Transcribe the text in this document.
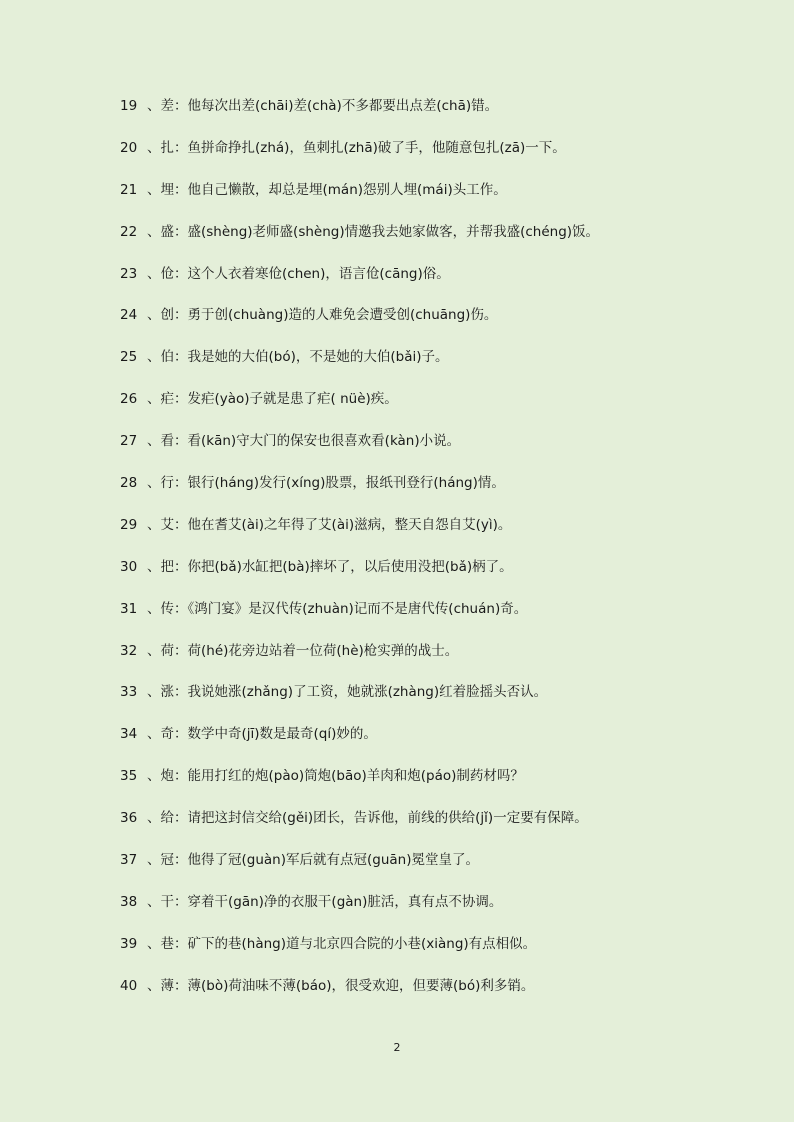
19 、差：他每次出差(chāi)差(chà)不多都要出点差(chā)错。
20 、扎：鱼拼命挣扎(zhá)，鱼刺扎(zhā)破了手，他随意包扎(zā)一下。
21 、埋：他自己懒散，却总是埋(mán)怨别人埋(mái)头工作。
22 、盛：盛(shèng)老师盛(shèng)情邀我去她家做客，并帮我盛(chéng)饭。
23 、伧：这个人衣着寒伧(chen)，语言伧(cāng)俗。
24 、创：勇于创(chuàng)造的人难免会遭受创(chuāng)伤。
25 、伯：我是她的大伯(bó)，不是她的大伯(bǎi)子。
26 、疟：发疟(yào)子就是患了疟( nüè)疾。
27 、看：看(kān)守大门的保安也很喜欢看(kàn)小说。
28 、行：银行(háng)发行(xíng)股票，报纸刊登行(háng)情。
29 、艾：他在耆艾(ài)之年得了艾(ài)滋病，整天自怨自艾(yì)。
30 、把：你把(bǎ)水缸把(bà)摔坏了，以后使用没把(bǎ)柄了。
31 、传：《鸿门宴》是汉代传(zhuàn)记而不是唐代传(chuán)奇。
32 、荷：荷(hé)花旁边站着一位荷(hè)枪实弹的战士。
33 、涨：我说她涨(zhǎng)了工资，她就涨(zhàng)红着脸摇头否认。
34 、奇：数学中奇(jī)数是最奇(qí)妙的。
35 、炮：能用打红的炮(pào)筒炮(bāo)羊肉和炮(páo)制药材吗？
36 、给：请把这封信交给(gěi)团长，告诉他，前线的供给(jǐ)一定要有保障。
37 、冠：他得了冠(guàn)军后就有点冠(guān)冕堂皇了。
38 、干：穿着干(gān)净的衣服干(gàn)脏活，真有点不协调。
39 、巷：矿下的巷(hàng)道与北京四合院的小巷(xiàng)有点相似。
40 、薄：薄(bò)荷油味不薄(báo)，很受欢迎，但要薄(bó)利多销。
2
